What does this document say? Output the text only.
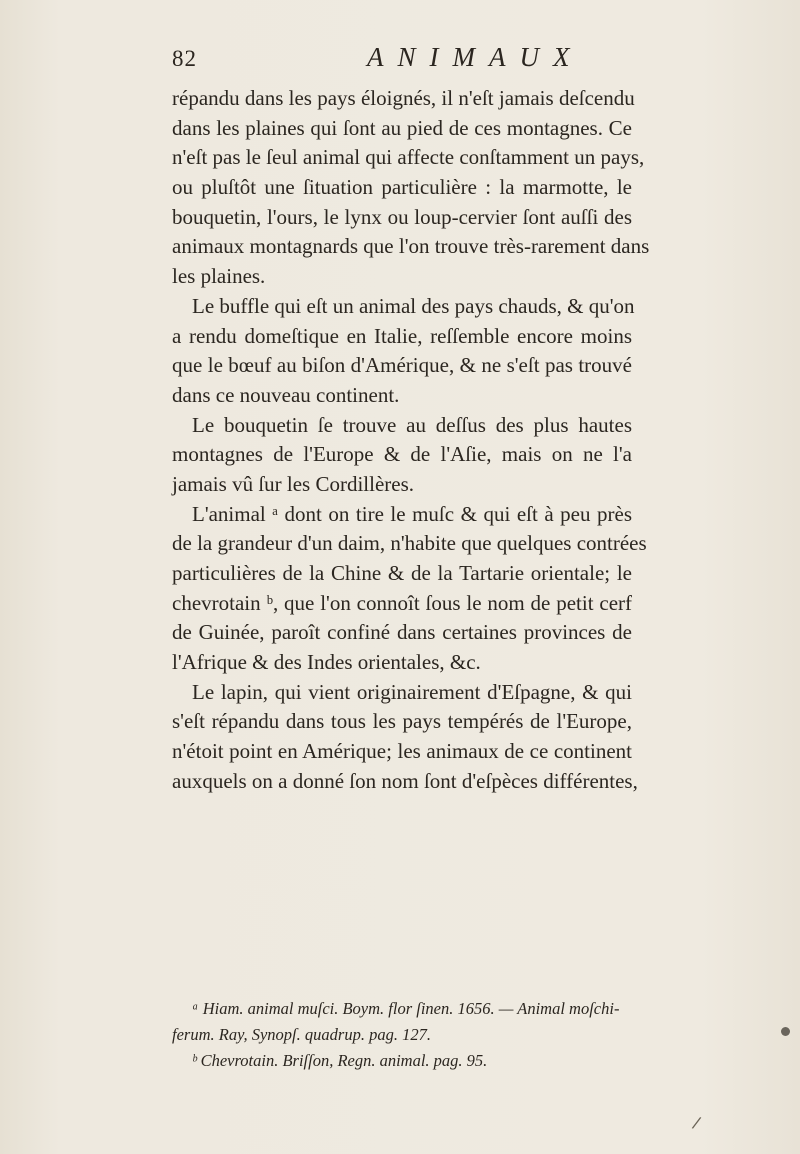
82	ANIMAUX
répandu dans les pays éloignés, il n'eſt jamais deſcendu
dans les plaines qui ſont au pied de ces montagnes. Ce
n'eſt pas le ſeul animal qui affecte conſtamment un pays,
ou pluſtôt une ſituation particulière : la marmotte, le
bouquetin, l'ours, le lynx ou loup-cervier ſont auſſi des
animaux montagnards que l'on trouve très-rarement dans
les plaines.
Le buffle qui eſt un animal des pays chauds, & qu'on
a rendu domeſtique en Italie, reſſemble encore moins
que le bœuf au biſon d'Amérique, & ne s'eſt pas trouvé
dans ce nouveau continent.
Le bouquetin ſe trouve au deſſus des plus hautes
montagnes de l'Europe & de l'Aſie, mais on ne l'a
jamais vû ſur les Cordillères.
L'animal ᵃ dont on tire le muſc & qui eſt à peu près
de la grandeur d'un daim, n'habite que quelques contrées
particulières de la Chine & de la Tartarie orientale; le
chevrotain ᵇ, que l'on connoît ſous le nom de petit cerf
de Guinée, paroît confiné dans certaines provinces de
l'Afrique & des Indes orientales, &c.
Le lapin, qui vient originairement d'Eſpagne, & qui
s'eſt répandu dans tous les pays tempérés de l'Europe,
n'étoit point en Amérique; les animaux de ce continent
auxquels on a donné ſon nom ſont d'eſpèces différentes,
ᵃ Hiam. animal muſci. Boym. flor ſinen. 1656. — Animal moſchi-
ferum. Ray, Synopſ. quadrup. pag. 127.
ᵇ Chevrotain. Briſſon, Regn. animal. pag. 95.
/
